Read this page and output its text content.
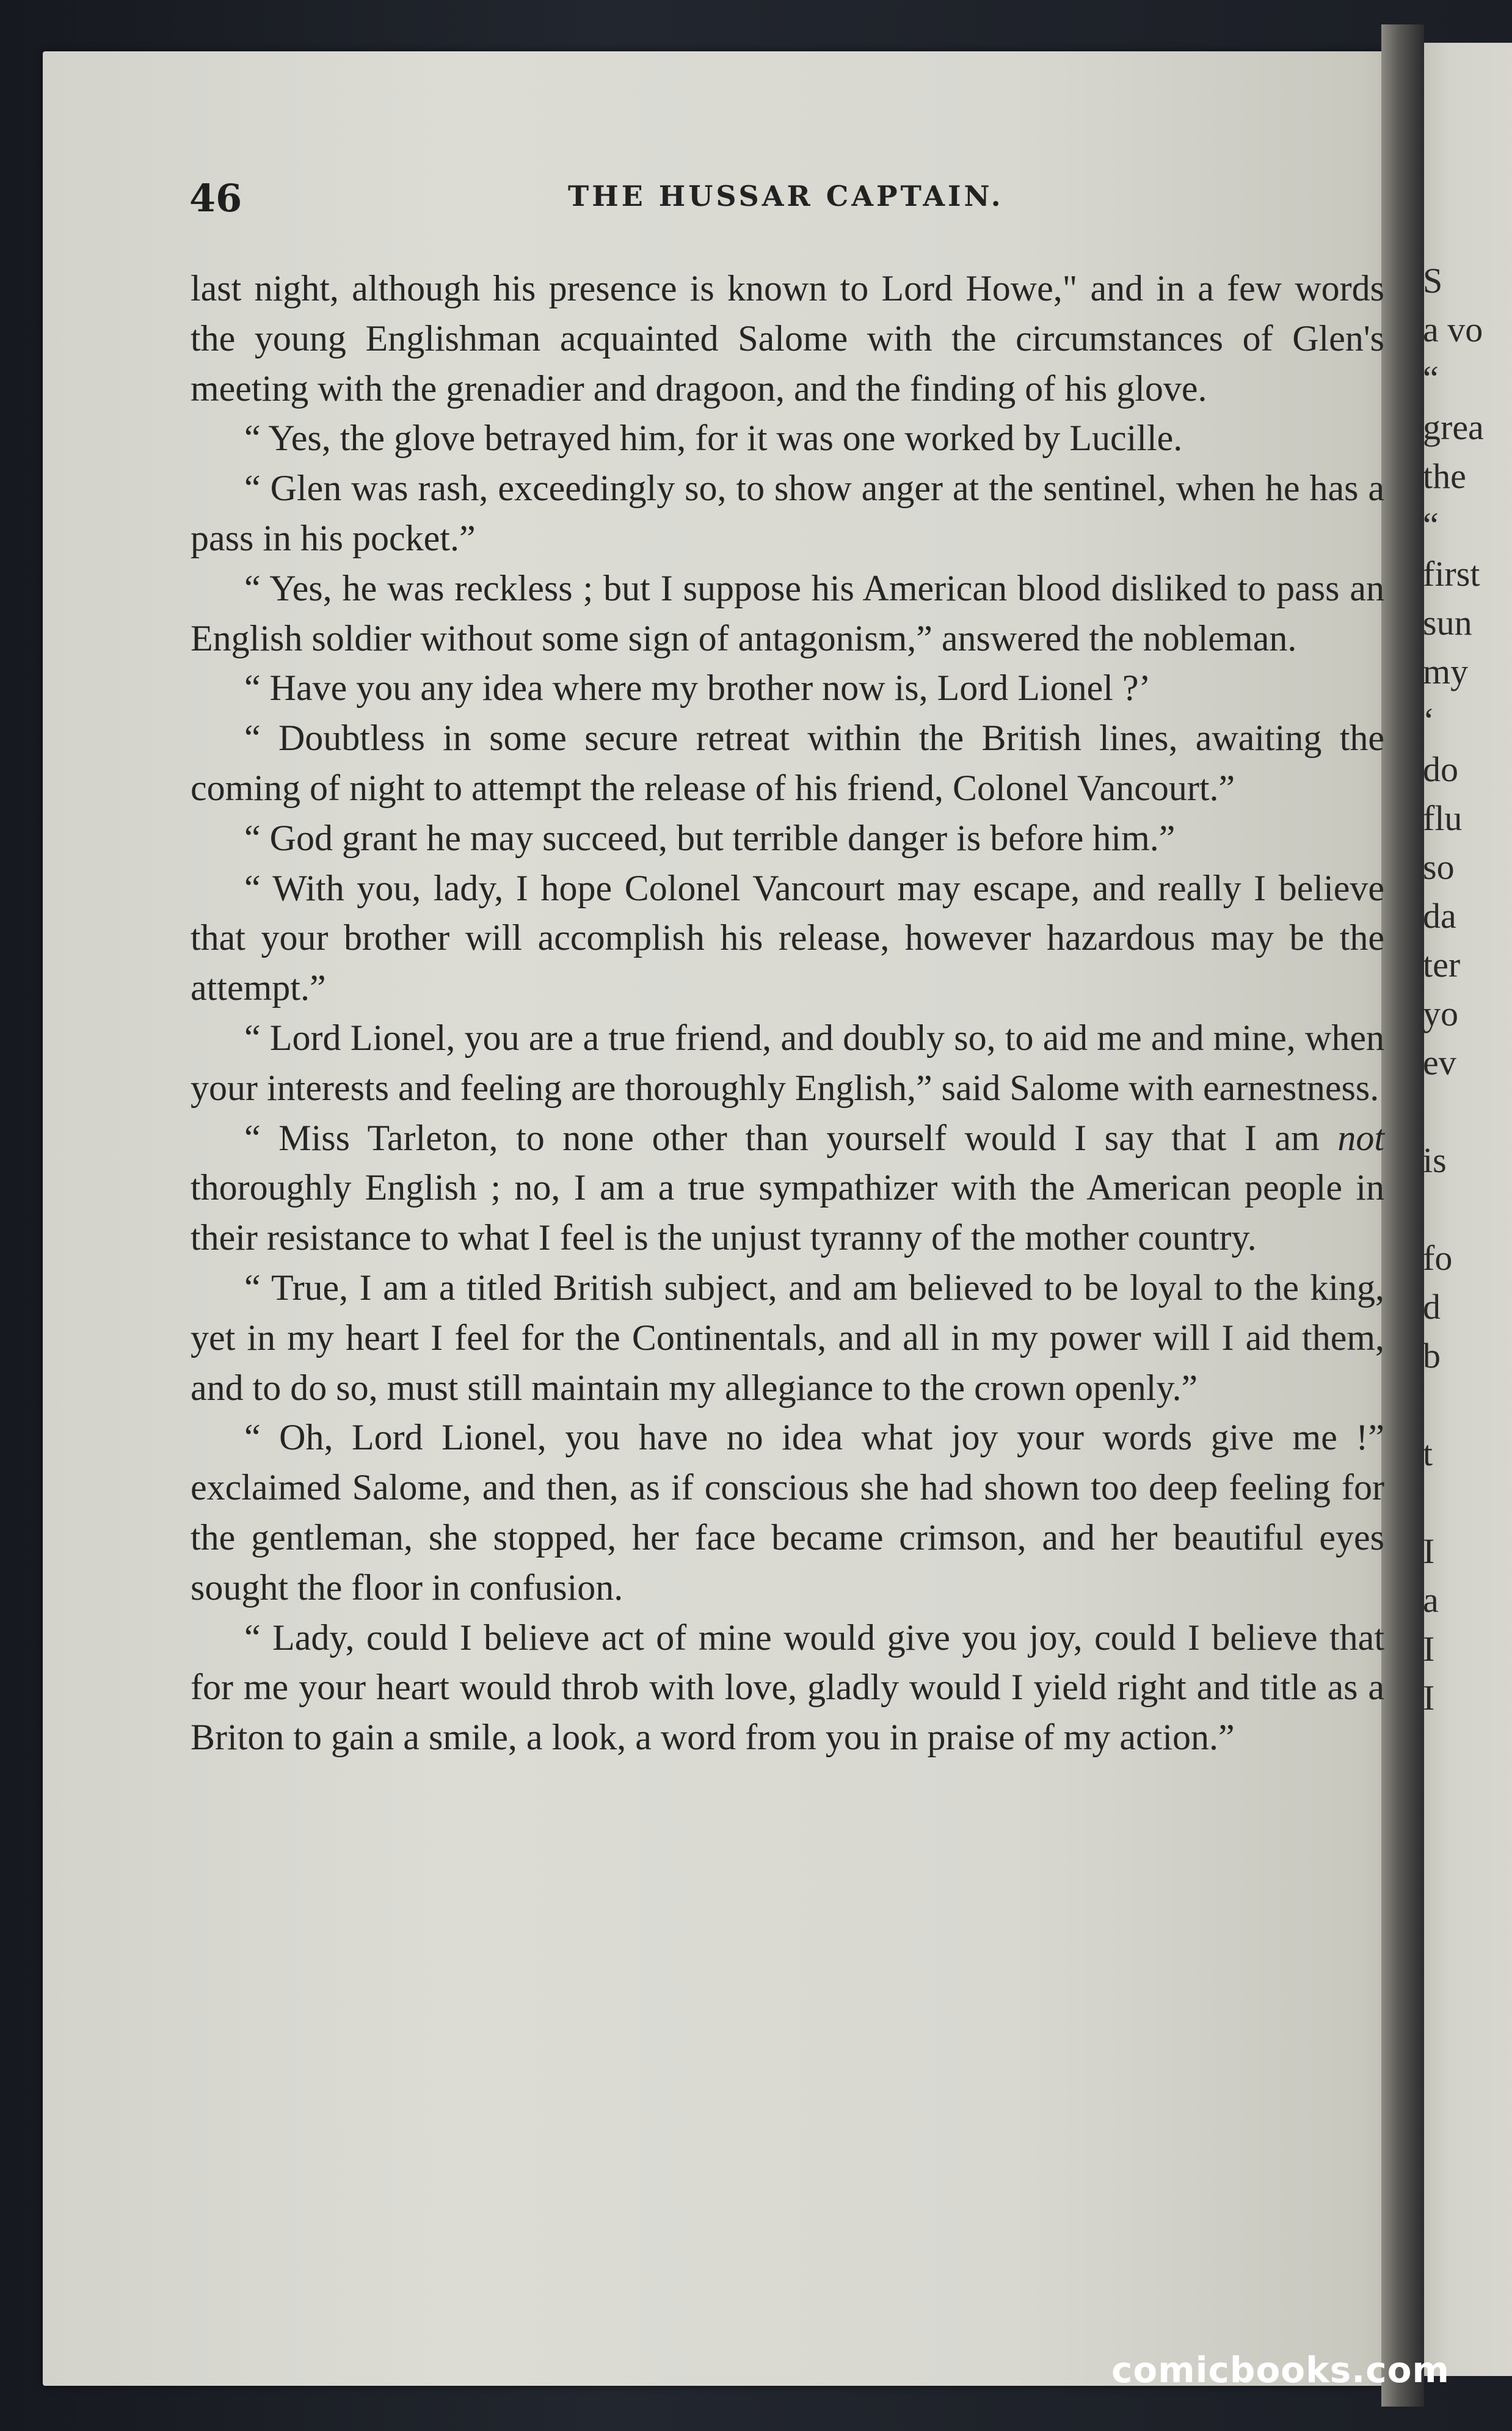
S
a vo
“
grea
the
“
first
sun
my
‘
do
flu
so
da
ter
yo
ev
is
fo
d
b
t
I
a
I
I
46	THE HUSSAR CAPTAIN.

last night, although his presence is known to Lord Howe," and in a few words the young Englishman acquainted Salome with the circumstances of Glen's meeting with the grenadier and dragoon, and the finding of his glove.

“ Yes, the glove betrayed him, for it was one worked by Lucille.

“ Glen was rash, exceedingly so, to show anger at the sentinel, when he has a pass in his pocket.”

“ Yes, he was reckless ; but I suppose his American blood disliked to pass an English soldier without some sign of antagonism,” answered the nobleman.

“ Have you any idea where my brother now is, Lord Lionel ?’

“ Doubtless in some secure retreat within the British lines, awaiting the coming of night to attempt the release of his friend, Colonel Vancourt.”

“ God grant he may succeed, but terrible danger is before him.”

“ With you, lady, I hope Colonel Vancourt may escape, and really I believe that your brother will accomplish his release, however hazardous may be the attempt.”

“ Lord Lionel, you are a true friend, and doubly so, to aid me and mine, when your interests and feeling are thoroughly English,” said Salome with earnestness.

“ Miss Tarleton, to none other than yourself would I say that I am not thoroughly English ; no, I am a true sympathizer with the American people in their resistance to what I feel is the unjust tyranny of the mother country.

“ True, I am a titled British subject, and am believed to be loyal to the king, yet in my heart I feel for the Continentals, and all in my power will I aid them, and to do so, must still maintain my allegiance to the crown openly.”

“ Oh, Lord Lionel, you have no idea what joy your words give me !” exclaimed Salome, and then, as if conscious she had shown too deep feeling for the gentleman, she stopped, her face became crimson, and her beautiful eyes sought the floor in confusion.

“ Lady, could I believe act of mine would give you joy, could I believe that for me your heart would throb with love, gladly would I yield right and title as a Briton to gain a smile, a look, a word from you in praise of my action.”

comicbooks.com
